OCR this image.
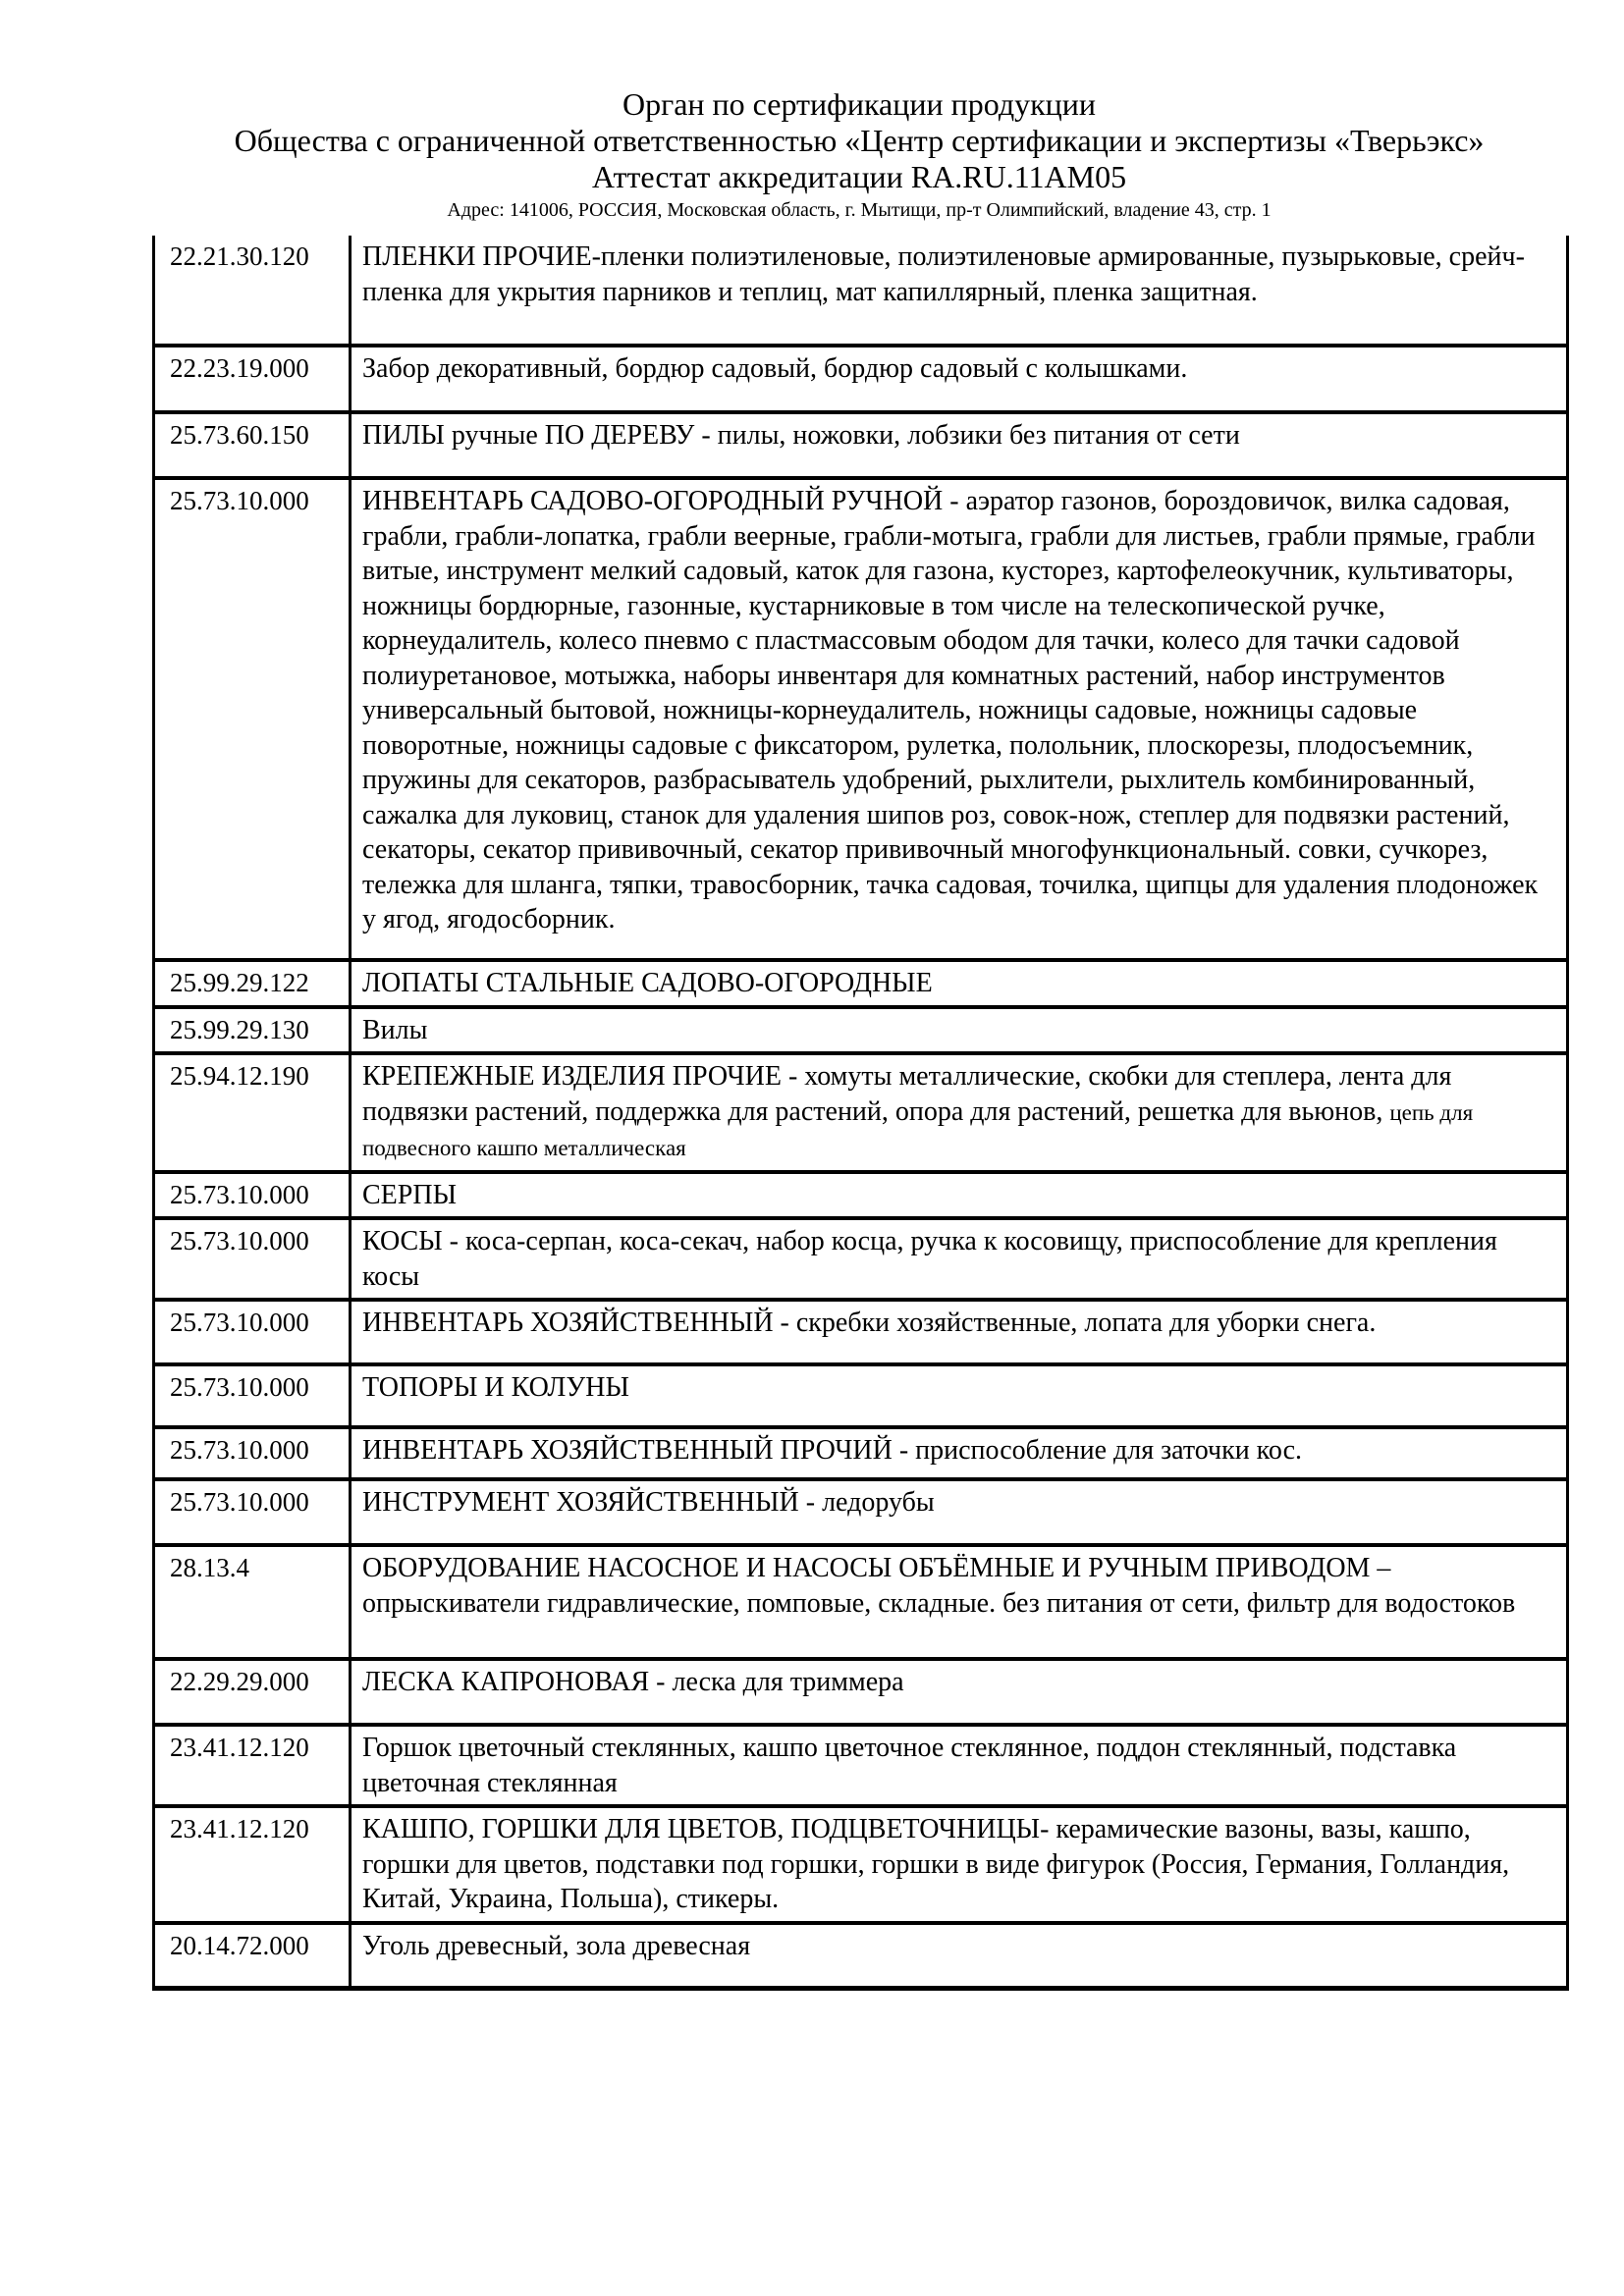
Орган по сертификации продукции
Общества с ограниченной ответственностью «Центр сертификации и экспертизы «Тверьэкс»
Аттестат аккредитации RA.RU.11АМ05
Адрес: 141006, РОССИЯ, Московская область, г. Мытищи, пр-т Олимпийский, владение 43, стр. 1
22.21.30.120	ПЛЕНКИ ПРОЧИЕ-пленки полиэтиленовые, полиэтиленовые армированные, пузырьковые, срейч-пленка для укрытия парников и теплиц, мат капиллярный, пленка защитная.
22.23.19.000	Забор декоративный, бордюр садовый, бордюр садовый с колышками.
25.73.60.150	ПИЛЫ ручные ПО ДЕРЕВУ - пилы, ножовки, лобзики без питания от сети
25.73.10.000	ИНВЕНТАРЬ САДОВО-ОГОРОДНЫЙ РУЧНОЙ - аэратор газонов, бороздовичок, вилка садовая, грабли, грабли-лопатка, грабли веерные, грабли-мотыга, грабли для листьев, грабли прямые, грабли витые, инструмент мелкий садовый, каток для газона, кусторез, картофелеокучник, культиваторы, ножницы бордюрные, газонные, кустарниковые в том числе на телескопической ручке, корнеудалитель, колесо пневмо с пластмассовым ободом для тачки, колесо для тачки садовой полиуретановое, мотыжка, наборы инвентаря для комнатных растений, набор инструментов универсальный бытовой, ножницы-корнеудалитель, ножницы садовые, ножницы садовые поворотные, ножницы садовые с фиксатором, рулетка, полольник, плоскорезы, плодосъемник, пружины для секаторов, разбрасыватель удобрений, рыхлители, рыхлитель комбинированный, сажалка для луковиц, станок для удаления шипов роз, совок-нож, степлер для подвязки растений, секаторы, секатор прививочный, секатор прививочный многофункциональный. совки, сучкорез, тележка для шланга, тяпки, травосборник, тачка садовая, точилка, щипцы для удаления плодоножек у ягод, ягодосборник.
25.99.29.122	ЛОПАТЫ СТАЛЬНЫЕ САДОВО-ОГОРОДНЫЕ
25.99.29.130	Вилы
25.94.12.190	КРЕПЕЖНЫЕ ИЗДЕЛИЯ ПРОЧИЕ - хомуты металлические, скобки для степлера, лента для подвязки растений, поддержка для растений, опора для растений, решетка для вьюнов, цепь для подвесного кашпо металлическая
25.73.10.000	СЕРПЫ
25.73.10.000	КОСЫ - коса-серпан, коса-секач, набор косца, ручка к косовищу, приспособление для крепления косы
25.73.10.000	ИНВЕНТАРЬ ХОЗЯЙСТВЕННЫЙ - скребки хозяйственные, лопата для уборки снега.
25.73.10.000	ТОПОРЫ И КОЛУНЫ
25.73.10.000	ИНВЕНТАРЬ ХОЗЯЙСТВЕННЫЙ ПРОЧИЙ - приспособление для заточки кос.
25.73.10.000	ИНСТРУМЕНТ ХОЗЯЙСТВЕННЫЙ - ледорубы
28.13.4	ОБОРУДОВАНИЕ НАСОСНОЕ И НАСОСЫ ОБЪЁМНЫЕ И РУЧНЫМ ПРИВОДОМ – опрыскиватели гидравлические, помповые, складные. без питания от сети, фильтр для водостоков
22.29.29.000	ЛЕСКА КАПРОНОВАЯ - леска для триммера
23.41.12.120	Горшок цветочный стеклянных, кашпо цветочное стеклянное, поддон стеклянный, подставка цветочная стеклянная
23.41.12.120	КАШПО, ГОРШКИ ДЛЯ ЦВЕТОВ, ПОДЦВЕТОЧНИЦЫ- керамические вазоны, вазы, кашпо, горшки для цветов, подставки под горшки, горшки в виде фигурок (Россия, Германия, Голландия, Китай, Украина, Польша), стикеры.
20.14.72.000	Уголь древесный, зола древесная
